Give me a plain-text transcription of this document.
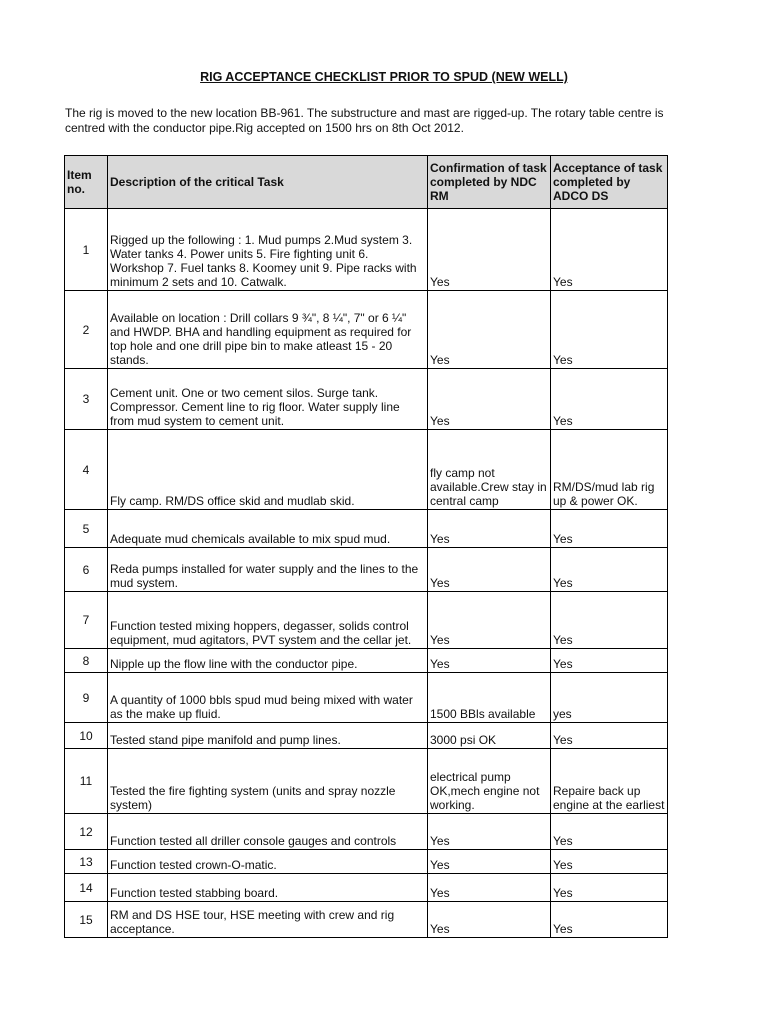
RIG ACCEPTANCE CHECKLIST PRIOR TO SPUD (NEW WELL)
The rig is moved to the new location BB-961. The substructure and mast are rigged-up. The rotary table centre is centred with the conductor pipe.Rig accepted on 1500 hrs on 8th Oct 2012.
Item no.	Description of the critical Task	Confirmation of task completed by NDC RM	Acceptance of task completed by ADCO DS
1	Rigged up the following : 1. Mud pumps 2.Mud system 3. Water tanks 4. Power units 5. Fire fighting unit 6. Workshop 7. Fuel tanks 8. Koomey unit 9. Pipe racks with minimum 2 sets and 10. Catwalk.	Yes	Yes
2	Available on location : Drill collars 9 ¾", 8 ¼", 7" or 6 ¼" and HWDP. BHA and handling equipment as required for top hole and one drill pipe bin to make atleast 15 - 20 stands.	Yes	Yes
3	Cement unit. One or two cement silos. Surge tank. Compressor. Cement line to rig floor. Water supply line from mud system to cement unit.	Yes	Yes
4	Fly camp. RM/DS office skid and mudlab skid.	fly camp not available.Crew stay in central camp	RM/DS/mud lab rig up & power OK.
5	Adequate mud chemicals available to mix spud mud.	Yes	Yes
6	Reda pumps installed for water supply and the lines to the mud system.	Yes	Yes
7	Function tested mixing hoppers, degasser, solids control equipment, mud agitators, PVT system and the cellar jet.	Yes	Yes
8	Nipple up the flow line with the conductor pipe.	Yes	Yes
9	A quantity of 1000 bbls spud mud being mixed with water as the make up fluid.	1500 BBls available	yes
10	Tested stand pipe manifold and pump lines.	3000 psi OK	Yes
11	Tested the fire fighting system (units and spray nozzle system)	electrical pump OK,mech engine not working.	Repaire back up engine at the earliest
12	Function tested all driller console gauges and controls	Yes	Yes
13	Function tested crown-O-matic.	Yes	Yes
14	Function tested stabbing board.	Yes	Yes
15	RM and DS HSE tour, HSE meeting with crew and rig acceptance.	Yes	Yes
